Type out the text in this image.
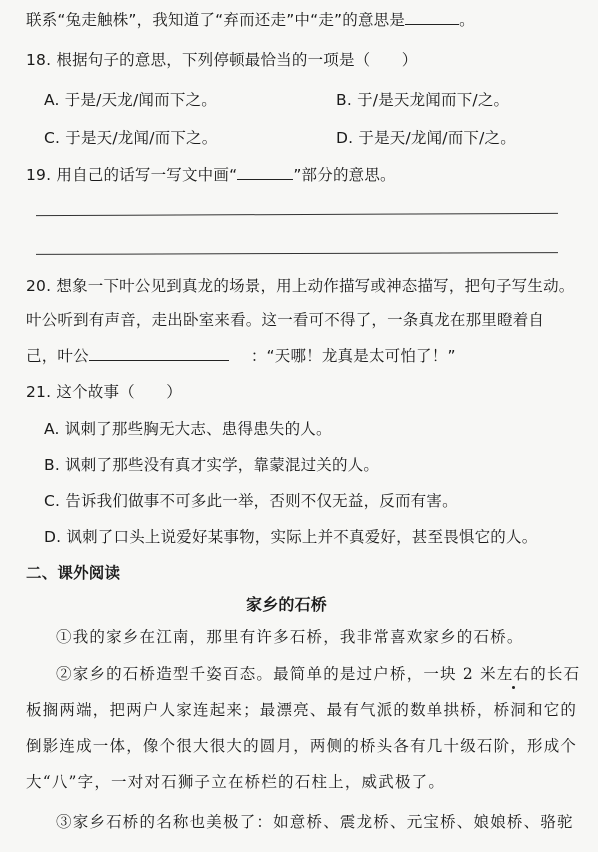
联系“兔走触株”，我知道了“弃而还走”中“走”的意思是	。
18. 根据句子的意思，下列停顿最恰当的一项是（　　）
A. 于是/天龙/闻而下之。	B. 于/是天龙闻而下/之。
C. 于是天/龙闻/而下之。	D. 于是天/龙闻/而下/之。
19. 用自己的话写一写文中画“	”部分的意思。
20. 想象一下叶公见到真龙的场景，用上动作描写或神态描写，把句子写生动。
叶公听到有声音，走出卧室来看。这一看可不得了，一条真龙在那里瞪着自
己，叶公	：“天哪！龙真是太可怕了！”
21. 这个故事（　　）
A. 讽刺了那些胸无大志、患得患失的人。
B. 讽刺了那些没有真才实学，靠蒙混过关的人。
C. 告诉我们做事不可多此一举，否则不仅无益，反而有害。
D. 讽刺了口头上说爱好某事物，实际上并不真爱好，甚至畏惧它的人。
二、课外阅读
家乡的石桥
①我的家乡在江南，那里有许多石桥，我非常喜欢家乡的石桥。
②家乡的石桥造型千姿百态。最简单的是过户桥，一块 2 米左右的长石
板搁两端，把两户人家连起来；最漂亮、最有气派的数单拱桥，桥洞和它的
倒影连成一体，像个很大很大的圆月，两侧的桥头各有几十级石阶，形成个
大“八”字，一对对石狮子立在桥栏的石柱上，威武极了。
③家乡石桥的名称也美极了：如意桥、震龙桥、元宝桥、娘娘桥、骆驼
